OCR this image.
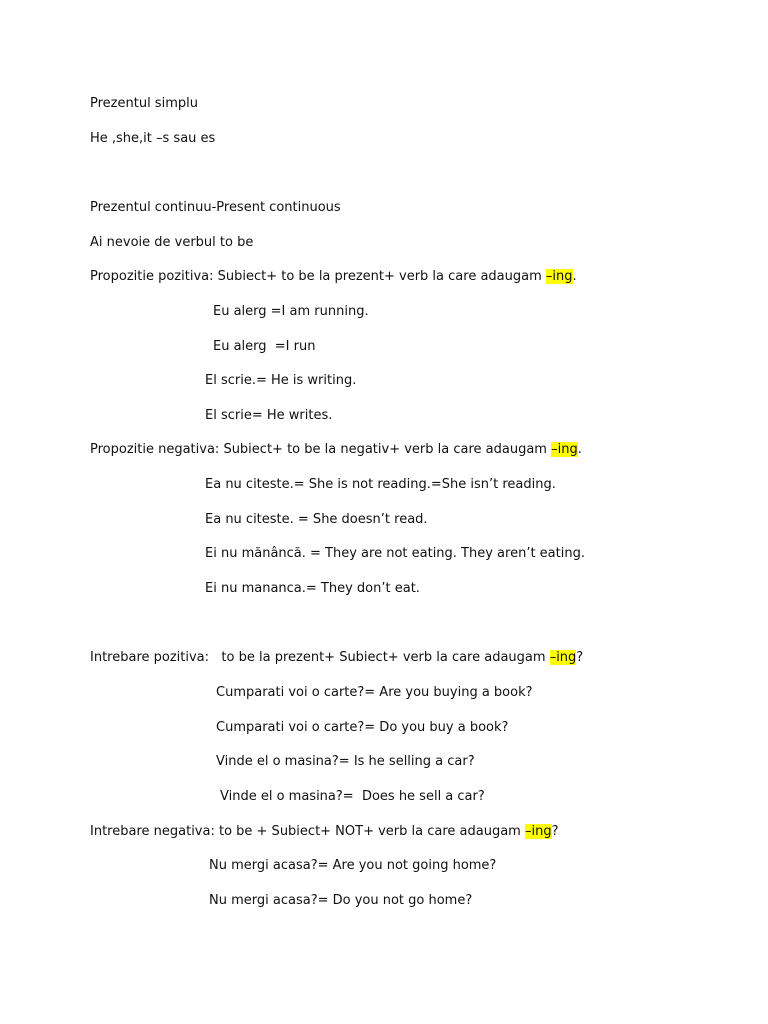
Prezentul simplu
He ,she,it –s sau es
Prezentul continuu-Present continuous
Ai nevoie de verbul to be
Propozitie pozitiva: Subiect+ to be la prezent+ verb la care adaugam –ing.
Eu alerg =I am running.
Eu alerg  =I run
El scrie.= He is writing.
El scrie= He writes.
Propozitie negativa: Subiect+ to be la negativ+ verb la care adaugam –ing.
Ea nu citeste.= She is not reading.=She isn’t reading.
Ea nu citeste. = She doesn’t read.
Ei nu mănâncă. = They are not eating. They aren’t eating.
Ei nu mananca.= They don’t eat.
Intrebare pozitiva:   to be la prezent+ Subiect+ verb la care adaugam –ing?
Cumparati voi o carte?= Are you buying a book?
Cumparati voi o carte?= Do you buy a book?
Vinde el o masina?= Is he selling a car?
Vinde el o masina?=  Does he sell a car?
Intrebare negativa: to be + Subiect+ NOT+ verb la care adaugam –ing?
Nu mergi acasa?= Are you not going home?
Nu mergi acasa?= Do you not go home?
